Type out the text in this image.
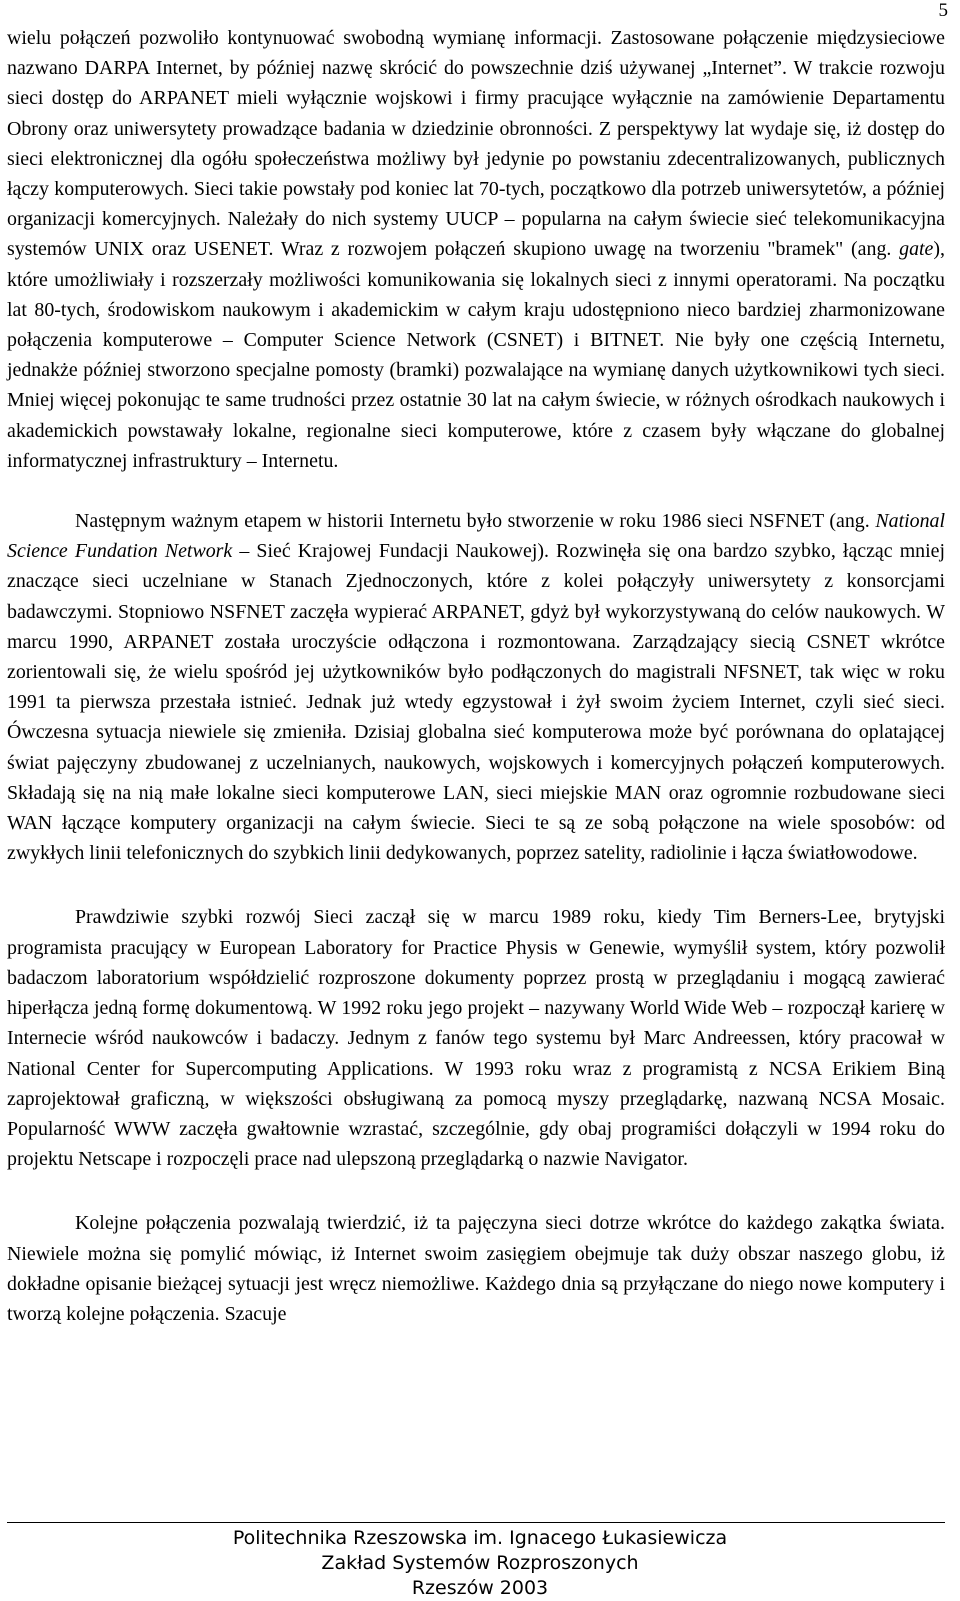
5

wielu połączeń pozwoliło kontynuować swobodną wymianę informacji. Zastosowane połączenie międzysieciowe nazwano DARPA Internet, by później nazwę skrócić do powszechnie dziś używanej „Internet”. W trakcie rozwoju sieci dostęp do ARPANET mieli wyłącznie wojskowi i firmy pracujące wyłącznie na zamówienie Departamentu Obrony oraz uniwersytety prowadzące badania w dziedzinie obronności. Z perspektywy lat wydaje się, iż dostęp do sieci elektronicznej dla ogółu społeczeństwa możliwy był jedynie po powstaniu zdecentralizowanych, publicznych łączy komputerowych. Sieci takie powstały pod koniec lat 70-tych, początkowo dla potrzeb uniwersytetów, a później organizacji komercyjnych. Należały do nich systemy UUCP – popularna na całym świecie sieć telekomunikacyjna systemów UNIX oraz USENET. Wraz z rozwojem połączeń skupiono uwagę na tworzeniu "bramek" (ang. gate), które umożliwiały i rozszerzały możliwości komunikowania się lokalnych sieci z innymi operatorami. Na początku lat 80-tych, środowiskom naukowym i akademickim w całym kraju udostępniono nieco bardziej zharmonizowane połączenia komputerowe – Computer Science Network (CSNET) i BITNET. Nie były one częścią Internetu, jednakże później stworzono specjalne pomosty (bramki) pozwalające na wymianę danych użytkownikowi tych sieci. Mniej więcej pokonując te same trudności przez ostatnie 30 lat na całym świecie, w różnych ośrodkach naukowych i akademickich powstawały lokalne, regionalne sieci komputerowe, które z czasem były włączane do globalnej informatycznej infrastruktury – Internetu.

Następnym ważnym etapem w historii Internetu było stworzenie w roku 1986 sieci NSFNET (ang. National Science Fundation Network – Sieć Krajowej Fundacji Naukowej). Rozwinęła się ona bardzo szybko, łącząc mniej znaczące sieci uczelniane w Stanach Zjednoczonych, które z kolei połączyły uniwersytety z konsorcjami badawczymi. Stopniowo NSFNET zaczęła wypierać ARPANET, gdyż był wykorzystywaną do celów naukowych. W marcu 1990, ARPANET została uroczyście odłączona i rozmontowana. Zarządzający siecią CSNET wkrótce zorientowali się, że wielu spośród jej użytkowników było podłączonych do magistrali NFSNET, tak więc w roku 1991 ta pierwsza przestała istnieć. Jednak już wtedy egzystował i żył swoim życiem Internet, czyli sieć sieci. Ówczesna sytuacja niewiele się zmieniła. Dzisiaj globalna sieć komputerowa może być porównana do oplatającej świat pajęczyny zbudowanej z uczelnianych, naukowych, wojskowych i komercyjnych połączeń komputerowych. Składają się na nią małe lokalne sieci komputerowe LAN, sieci miejskie MAN oraz ogromnie rozbudowane sieci WAN łączące komputery organizacji na całym świecie. Sieci te są ze sobą połączone na wiele sposobów: od zwykłych linii telefonicznych do szybkich linii dedykowanych, poprzez satelity, radiolinie i łącza światłowodowe.

Prawdziwie szybki rozwój Sieci zaczął się w marcu 1989 roku, kiedy Tim Berners-Lee, brytyjski programista pracujący w European Laboratory for Practice Physis w Genewie, wymyślił system, który pozwolił badaczom laboratorium współdzielić rozproszone dokumenty poprzez prostą w przeglądaniu i mogącą zawierać hiperłącza jedną formę dokumentową. W 1992 roku jego projekt – nazywany World Wide Web – rozpoczął karierę w Internecie wśród naukowców i badaczy. Jednym z fanów tego systemu był Marc Andreessen, który pracował w National Center for Supercomputing Applications. W 1993 roku wraz z programistą z NCSA Erikiem Biną zaprojektował graficzną, w większości obsługiwaną za pomocą myszy przeglądarkę, nazwaną NCSA Mosaic. Popularność WWW zaczęła gwałtownie wzrastać, szczególnie, gdy obaj programiści dołączyli w 1994 roku do projektu Netscape i rozpoczęli prace nad ulepszoną przeglądarką o nazwie Navigator.

Kolejne połączenia pozwalają twierdzić, iż ta pajęczyna sieci dotrze wkrótce do każdego zakątka świata. Niewiele można się pomylić mówiąc, iż Internet swoim zasięgiem obejmuje tak duży obszar naszego globu, iż dokładne opisanie bieżącej sytuacji jest wręcz niemożliwe. Każdego dnia są przyłączane do niego nowe komputery i tworzą kolejne połączenia. Szacuje

Politechnika Rzeszowska im. Ignacego Łukasiewicza
Zakład Systemów Rozproszonych
Rzeszów 2003
